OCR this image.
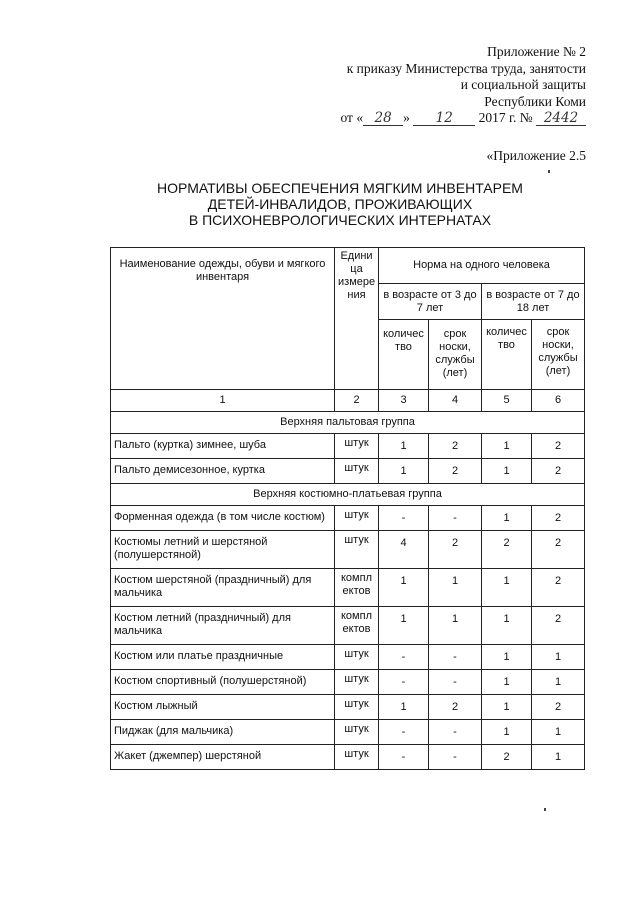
Приложение № 2
к приказу Министерства труда, занятости
и социальной защиты
Республики Коми
от « 28 » 12 2017 г. № 2442
«Приложение 2.5
НОРМАТИВЫ ОБЕСПЕЧЕНИЯ МЯГКИМ ИНВЕНТАРЕМ
ДЕТЕЙ-ИНВАЛИДОВ, ПРОЖИВАЮЩИХ
В ПСИХОНЕВРОЛОГИЧЕСКИХ ИНТЕРНАТАХ
Наименование одежды, обуви и мягкого инвентаря	Едини ца измере ния	Норма на одного человека			
		в возрасте от 3 до 7 лет		в возрасте от 7 до 18 лет	
		количес тво	срок носки, службы (лет)	количес тво	срок носки, службы (лет)
1	2	3	4	5	6
Верхняя пальтовая группа					
Пальто (куртка) зимнее, шуба	штук	1	2	1	2
Пальто демисезонное, куртка	штук	1	2	1	2
Верхняя костюмно-платьевая группа					
Форменная одежда (в том числе костюм)	штук	-	-	1	2
Костюмы летний и шерстяной (полушерстяной)	штук	4	2	2	2
Костюм шерстяной (праздничный) для мальчика	компл ектов	1	1	1	2
Костюм летний (праздничный) для мальчика	компл ектов	1	1	1	2
Костюм или платье праздничные	штук	-	-	1	1
Костюм спортивный (полушерстяной)	штук	-	-	1	1
Костюм лыжный	штук	1	2	1	2
Пиджак (для мальчика)	штук	-	-	1	1
Жакет (джемпер) шерстяной	штук	-	-	2	1
